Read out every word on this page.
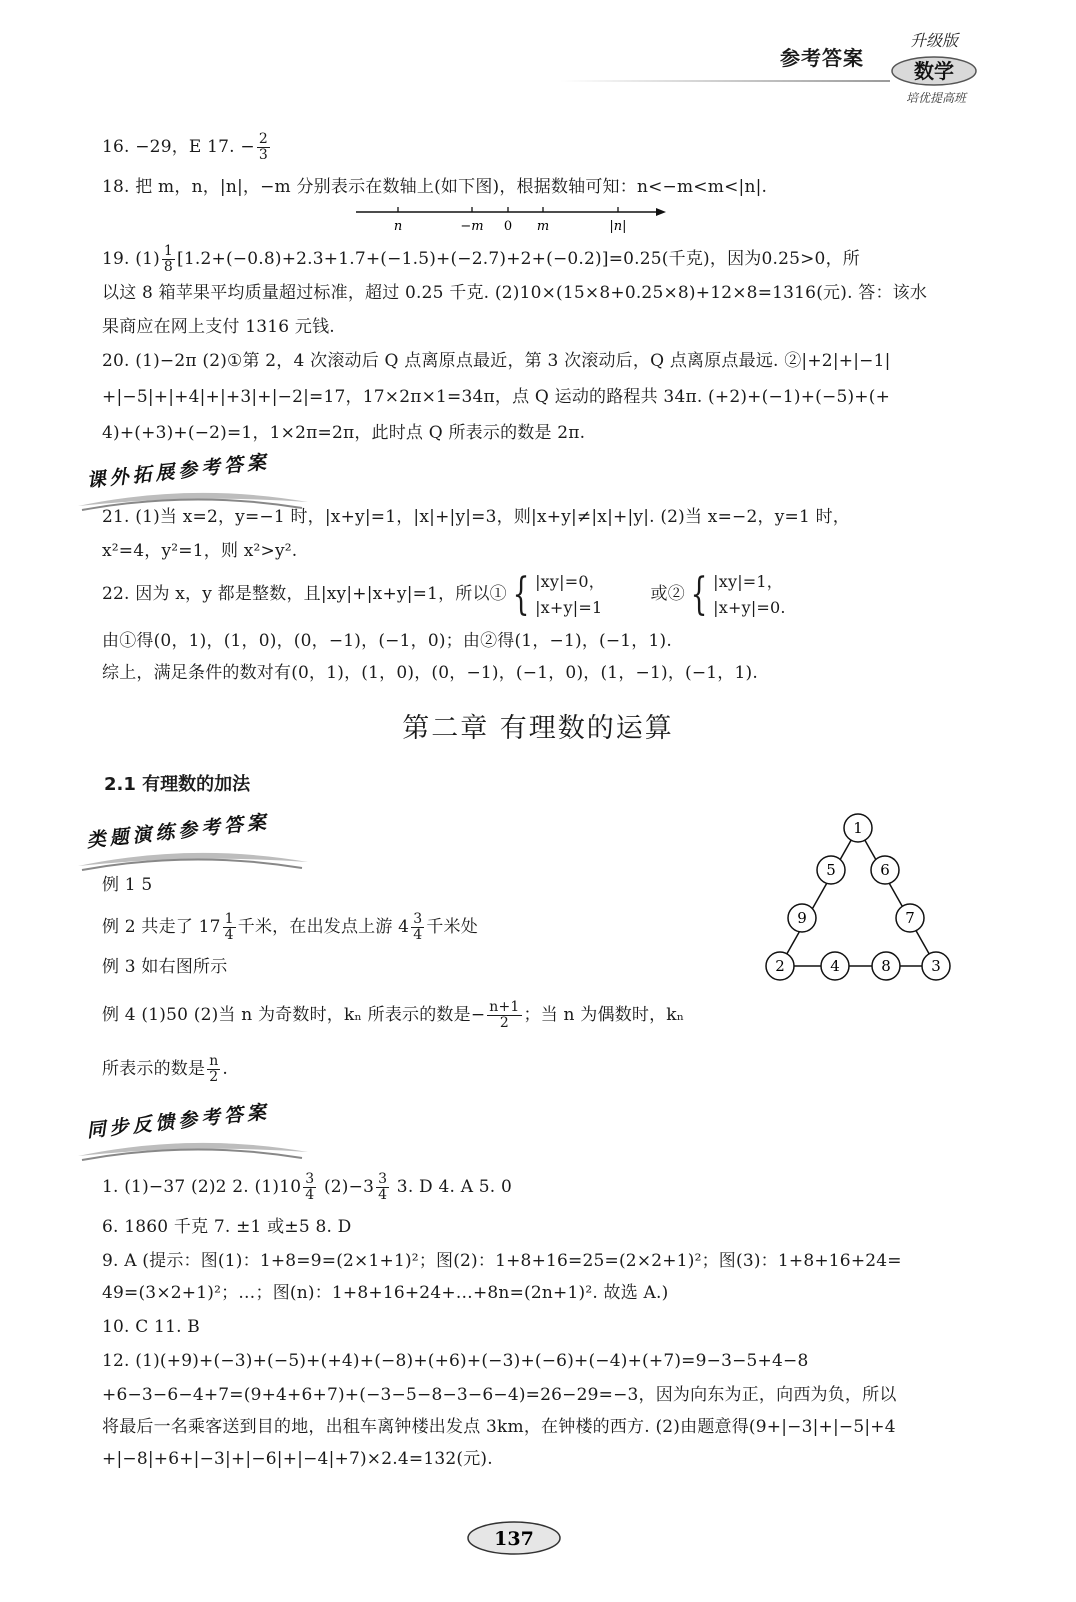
参考答案
升级版
数学
培优提高班
16. −29，E 17. − $\frac{2}{3}$
18. 把 m，n，|n|，−m 分别表示在数轴上(如下图)，根据数轴可知：n<−m<m<|n|.
n	−m 0 m	|n|
19. $(1) \frac{1}{8} [1.2+(-0.8)+2.3+1.7+(-1.5)+(-2.7)+2+(-0.2)]=0.25$(千克)，因为0.25>0，所
以这 8 箱苹果平均质量超过标准，超过 0.25 千克. (2)10×(15×8+0.25×8)+12×8=1316(元). 答：该水
果商应在网上支付 1316 元钱.
20. (1)−2π (2)①第 2，4 次滚动后 Q 点离原点最近，第 3 次滚动后，Q 点离原点最远. ②|+2|+|−1|
+|−5|+|+4|+|+3|+|−2|=17，17×2π×1=34π，点 Q 运动的路程共 34π. (+2)+(−1)+(−5)+(+
4)+(+3)+(−2)=1，1×2π=2π，此时点 Q 所表示的数是 2π.
课外拓展参考答案
21. (1)当 x=2，y=−1 时，|x+y|=1，|x|+|y|=3，则|x+y|≠|x|+|y|. (2)当 x=−2，y=1 时，
x²=4，y²=1，则 x²>y².
22. 因为 x，y 都是整数，且|xy|+|x+y|=1，所以① { |xy|=0，
|x+y|=1
或② { |xy|=1，
|x+y|=0.
由①得(0，1)，(1，0)，(0，−1)，(−1，0)；由②得(1，−1)，(−1，1).
综上，满足条件的数对有(0，1)，(1，0)，(0，−1)，(−1，0)，(1，−1)，(−1，1).
第二章 有理数的运算
2.1 有理数的加法
类题演练参考答案
例 1 5
例 2 共走了 $17 \frac{1}{4}$ 千米，在出发点上游 $4 \frac{3}{4}$ 千米处
例 3 如右图所示
例 4 (1)50 (2)当 n 为奇数时，kₙ 所表示的数是− $\frac{n+1}{2}$ ；当 n 为偶数时，kₙ
所表示的数是 $\frac{n}{2}$ .
1
5	6
9	7
2	4	8	3
同步反馈参考答案
1. (1)−37 (2)2 2. $(1)10 \frac{3}{4} (2)-3 \frac{3}{4} 3$. D 4. A 5. 0
6. 1860 千克 7. ±1 或±5 8. D
9. A (提示：图(1)：1+8=9=(2×1+1)²；图(2)：1+8+16=25=(2×2+1)²；图(3)：1+8+16+24=
49=(3×2+1)²；…；图(n)：1+8+16+24+…+8n=(2n+1)². 故选 A.)
10. C 11. B
12. (1)(+9)+(−3)+(−5)+(+4)+(−8)+(+6)+(−3)+(−6)+(−4)+(+7)=9−3−5+4−8
+6−3−6−4+7=(9+4+6+7)+(−3−5−8−3−6−4)=26−29=−3，因为向东为正，向西为负，所以
将最后一名乘客送到目的地，出租车离钟楼出发点 3km，在钟楼的西方. (2)由题意得(9+|−3|+|−5|+4
+|−8|+6+|−3|+|−6|+|−4|+7)×2.4=132(元).
137
